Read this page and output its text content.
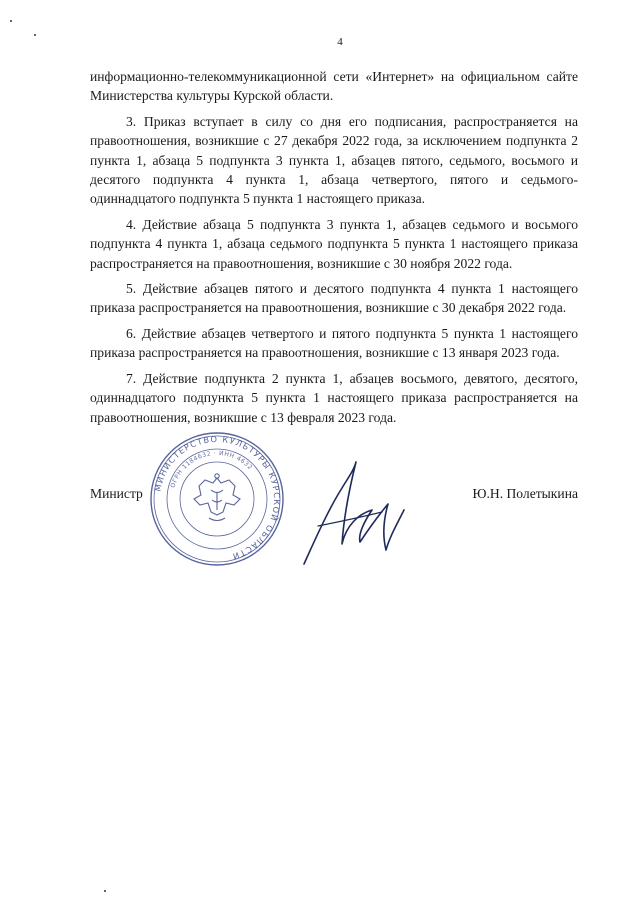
4

информационно-телекоммуникационной сети «Интернет» на официальном сайте Министерства культуры Курской области.

3. Приказ вступает в силу со дня его подписания, распространяется на правоотношения, возникшие с 27 декабря 2022 года, за исключением подпункта 2 пункта 1, абзаца 5 подпункта 3 пункта 1, абзацев пятого, седьмого, восьмого и десятого подпункта 4 пункта 1, абзаца четвертого, пятого и седьмого-одиннадцатого подпункта 5 пункта 1 настоящего приказа.

4. Действие абзаца 5 подпункта 3 пункта 1, абзацев седьмого и восьмого подпункта 4 пункта 1, абзаца седьмого подпункта 5 пункта 1 настоящего приказа распространяется на правоотношения, возникшие с 30 ноября 2022 года.

5. Действие абзацев пятого и десятого подпункта 4 пункта 1 настоящего приказа распространяется на правоотношения, возникшие с 30 декабря 2022 года.

6. Действие абзацев четвертого и пятого подпункта 5 пункта 1 настоящего приказа распространяется на правоотношения, возникшие с 13 января 2023 года.

7. Действие подпункта 2 пункта 1, абзацев восьмого, девятого, десятого, одиннадцатого подпункта 5 пункта 1 настоящего приказа распространяется на правоотношения, возникшие с 13 февраля 2023 года.

Министр	Ю.Н. Полетыкина
МИНИСТЕРСТВО КУЛЬТУРЫ КУРСКОЙ ОБЛАСТИ
ОГРН 1184632 · ИНН 4632
